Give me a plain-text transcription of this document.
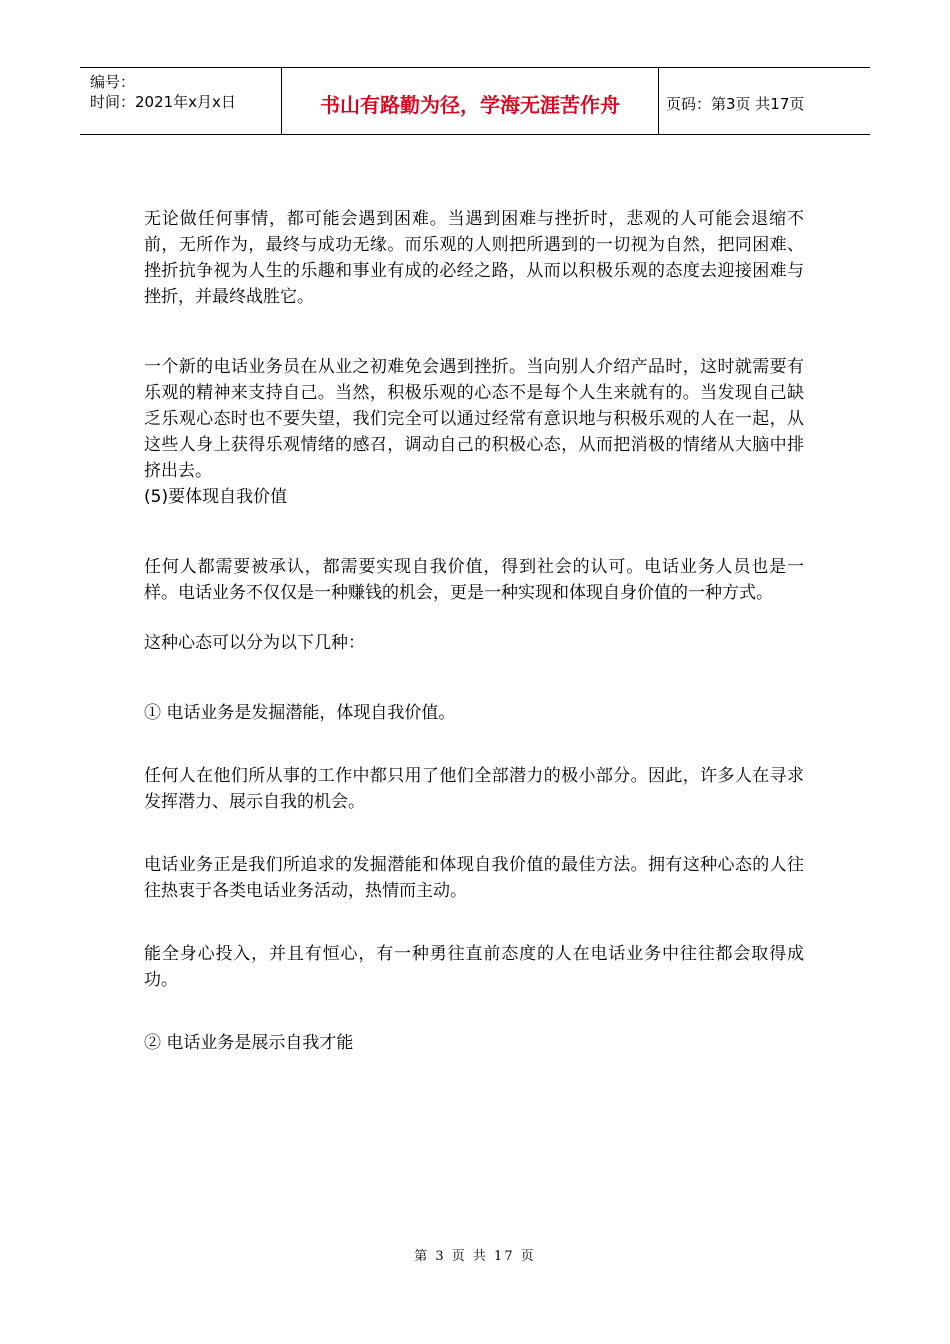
编号：
时间：2021年x月x日	书山有路勤为径，学海无涯苦作舟	页码：第3页 共17页

无论做任何事情，都可能会遇到困难。当遇到困难与挫折时，悲观的人可能会退缩不前，无所作为，最终与成功无缘。而乐观的人则把所遇到的一切视为自然，把同困难、挫折抗争视为人生的乐趣和事业有成的必经之路，从而以积极乐观的态度去迎接困难与挫折，并最终战胜它。

一个新的电话业务员在从业之初难免会遇到挫折。当向别人介绍产品时，这时就需要有乐观的精神来支持自己。当然，积极乐观的心态不是每个人生来就有的。当发现自己缺乏乐观心态时也不要失望，我们完全可以通过经常有意识地与积极乐观的人在一起，从这些人身上获得乐观情绪的感召，调动自己的积极心态，从而把消极的情绪从大脑中排挤出去。

(5)要体现自我价值

任何人都需要被承认，都需要实现自我价值，得到社会的认可。电话业务人员也是一样。电话业务不仅仅是一种赚钱的机会，更是一种实现和体现自身价值的一种方式。

这种心态可以分为以下几种：

① 电话业务是发掘潜能，体现自我价值。

任何人在他们所从事的工作中都只用了他们全部潜力的极小部分。因此，许多人在寻求发挥潜力、展示自我的机会。

电话业务正是我们所追求的发掘潜能和体现自我价值的最佳方法。拥有这种心态的人往往热衷于各类电话业务活动，热情而主动。

能全身心投入，并且有恒心，有一种勇往直前态度的人在电话业务中往往都会取得成功。

② 电话业务是展示自我才能

第 3 页 共 17 页
